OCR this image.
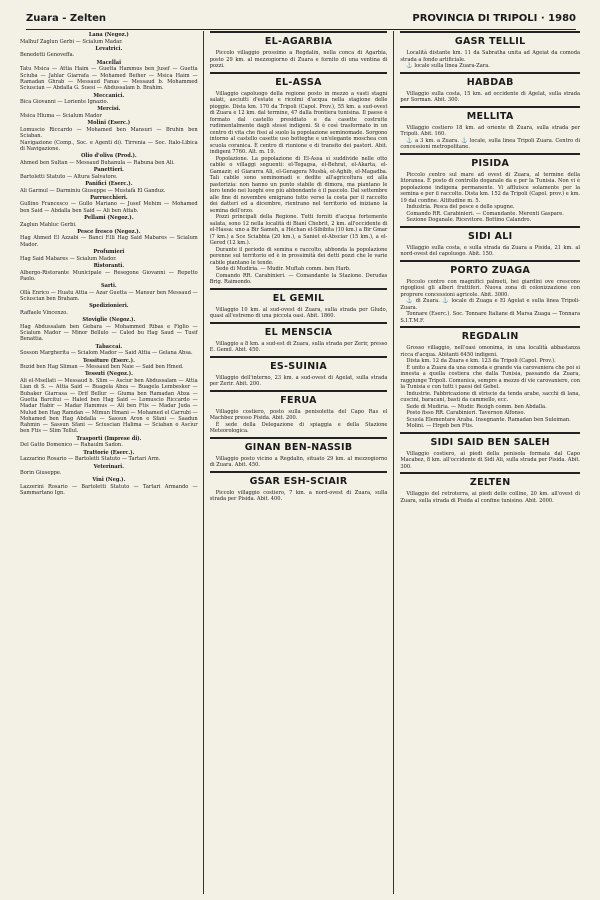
Zuara - Zelten	PROVINCIA DI TRIPOLI · 1980
Lana (Negoz.)

Malhuf Zaglun Gerbi — Scialum Madar.

Levatrici.

Benedetti Genoveffa.

Macellai

Tatu Msica — Attia Haim — Guetta Hammus ben Jusef — Guetta Sciuba — Jahlar Giarrafa — Mohamed Beiher — Msica Haim — Ramadan Ghrab — Messaud Fanas — Messaud b. Mohammed Sciuscian — Abdalla G. Suesi — Abdussalam b. Brahim.

Meccanici.

Bica Giovanni — Loriente Ignazio.

Mercisi.

Msica Hluma — Scialum Mador

Molini (Eserc.)

Lomuscio Riccardo — Mohamed ben Mansuri — Bruhin ben Sciaban.

Navigazione (Comp., Soc. e Agenti di). Tirrenia — Soc. Italo-Libica di Navigazione.

Olio d'oliva (Prod.).

Ahmed ben Sultan — Messaud Buhanula — Rabuna ben Ali.

Panettieri.

Bartoletti Statuto — Altura Salvatore.

Panifici (Eserc.).

Ali Garmul — Darminiu Giuseppe — Mustafà El Ganduz.

Parrucchieri.

Gullino Francesco — Gullo Mariano — Jusef Mehim — Mohamed ben Said — Abdalla ben Said — Ali ben Attab.

Pellami (Negoz.).

Zaglun Mahluc Gerbi.

Pesce fresco (Negoz.).

Hag Ahmed El Azzabi — Banci F.lli Hag Said Mabares — Scialum Mador.

Profumieri

Hag Said Mabares — Scialum Mador.

Ristoranti.

Albergo-Ristorante Municipale — Resegone Giovanni — Repetto Paolo.

Sarti.

Ollà Enrico — Huatu Attia — Azar Guetta — Mansur ben Messaud — Sciuscian ben Braham.

Spedizionieri.

Raffaele Vincenzo.

Stoviglie (Negoz.).

Hag Abdussalam ben Gebara — Mohammed Ribas e Figlio — Scialum Mador — Minor Bellulo — Caled bu Hag Saud — Tusif Benattia.

Tabaccai.

Sosson Margherita — Scialom Mador — Said Attia — Gelana Absa.

Tessiture (Eserc.).

Buzid ben Hag Sliman — Messaud ben Naie — Said ben Hmed.

Tessuti (Negoz.).

Ali el-Msellati — Messaud b. Slim — Ascìur ben Abdussalam — Attia Lian di S. — Attia Said — Buagela Abza — Buagela Lembesker — Bubaker Giarrasa — Drif Bellur — Giuma ben Ramadan Abza — Guetta Barcitui — Haled ben Hag Said — Lomuscio Riccardo — Madar Habir — Madar Hammus — Ali ben Ftis — Madar Juda — Mulud ben Hag Ramdan — Mimun Hmani — Mohamed el Carrubi — Mohamed ben Hag Abdalla — Sassun Aron e Sfani — Saadun Rahmin — Sassun Sfani — Sciuscian Halima — Sciaban o Ascìur ben Ftis — Slim Tellul.

Trasporti (Imprese di).

Del Gatto Domenico — Rahaulm Sadon.

Trattorie (Eserc.).

Lazzarino Rosario — Bartoletti Statuto — Tartari Arm.

Veterinari.

Borin Giuseppe.

Vini (Neg.).

Lazzerini Rosario — Bartoletti Statuto — Tartari Armando — Sammartano Ign.

EL-AGARBIA

Piccolo villaggio prossimo a Regdalin, nella conca di Agarbia, posto 29 km. al mezzogiorno di Zuara e fornito di una ventina di pozzi.

EL-ASSA

Villaggio capoluogo della regione posto in mezzo a vasti stagni salati, asciutti d'estate e ricolmi d'acqua nella stagione delle pioggie. Dista km. 170 da Tripoli (Capol. Prov.), 55 km. a sud-ovest di Zuara e 12 km. dal termine, 47 dalla frontiera tunisina. Il paese è formato dal castello presidiato e da casette costruite rudimentalmente dagli stessi indigeni. Si è così trasformato in un centro di vita che fissi al suolo la popolazione seminomade. Sorgono intorno al castello casette uso botteghe e un'elegante moschea con scuola coranica. È centro di riunione e di transito dei pastori. Abit. indigeni 7760. Alt. m. 19.

Popolazione. La popolazione di El-Assa si suddivide nelle otto cabile o villaggi seguenti: el-Tegagsa, el-Behrat, el-Akarta, el-Gamazir, el Giararra Ali, el-Geragera Musbà, el-Aghib, el-Magadba. Tali cabile sono seminomadi e dedite all'agricoltura ed alla pastorizia: non hanno un punto stabile di dimora, ma piantano le loro tende nei luoghi ove più abbondante è il pascolo. Dal settembre alle fine di novembre emigrano tutte verso la costa per il raccolto dei datteri ed a dicembre, rientrano nel territorio ed iniziano la semina dell'orzo.

Pozzi principali della Regione. Tutti forniti d'acqua fortemente salata, sono 12 nella località di Bianì Chebrit, 2 km. all'occidente di el-Hassa: uno a Bir Sameh, a Héchan el-Sibibita (10 km.) a Bir Gmar (7 km.) a Sce Sciabbia (20 km.), a Saniet el-Absciar (15 km.), a el-Gered (12 km.).

Durante il periodo di semina e raccolto, abbonda la popolazione perenne sul territorio ed è in prossimità dei detti pozzi che le varie cabile piantano le tende.

Sede di Mudiria. — Mudir. Muftah comm. ben Harb.

Comando RR. Carabinieri. — Comandante la Stazione. Derudas Brig. Raimondo.

EL GEMIL

Villaggio 10 km. al sud-ovest di Zuara, sulla strada per Gludo, quasi all'estremo di una piccola oasi. Abit. 1860.

EL MENSCIA

Villaggio a 8 km. a sud-est di Zuara, sulla strada per Zerir, presso E. Gemil. Abit. 450.

ES-SUINIA

Villaggio dell'interno, 23 km. a sud-ovest di Agelat, sulla strada per Zerir. Abit. 200.

FERUA

Villaggio costiero, posto sulla penisoletta del Capo Ras el Machbez presso Pisida. Abit. 200.

È sede della Delegazione di spiaggia e della Stazione Meteorologica.

GINAN BEN-NASSIB

Villaggio posto vicino a Regdalin, situato 29 km. al mezzogiorno di Zuara. Abit. 450.

GSAR ESH-SCIAIR

Piccolo villaggio costiero, 7 km. a nord-ovest di Zuara, sulla strada per Pisida. Abit. 400.

GASR TELLIL

Località distante km. 11 da Sabratha unita ad Ageiat da comoda strada a fondo artificiale.

⚓ locale sulla linea Zuara-Zara.

HABDAB

Villaggio sulla costa, 15 km. ad occidente di Agelat, sulla strada per Sorman. Abit. 300.

MELLITA

Villaggio costiero 18 km. ad oriente di Zuara, sulla strada per Tripoli. Abit. 160.

⚓ a 3 km. a Zuara. ⚓ locale, sulla linea Tripoli Zuara. Centro di concessioni metropolitane.

PISIDA

Piccolo centro sul mare ad ovest di Zuara, al termine della litoranea. È posto di controllo doganale da e per la Tunisia. Non vi è popolazione indigena permanente. Vi affluisce solamente per la semina e per il raccolto. Dista km. 152 da Tripoli (Capol. prov.) e km. 19 dal confine. Altitudine m. 5.

Industria. Pesca del pesce e delle spugne.

Comando RR. Carabinieri. — Comandante. Merenti Gaspare.

Sezione Doganale. Ricevitore. Bottino Calandro.

SIDI ALI

Villaggio sulla costa, e sulla strada da Zuara a Pisida, 21 km. al nord-ovest del capoluogo. Abit. 150.

PORTO ZUAGA

Piccolo centro con magnifici palmeti, bei giardini ove crescono rigogliosi gli alberi fruttiferi. Nuova zona di colonizzazione con proprere concessioni agricole. Abit. 3000.

⚓ di Zuara. ⚓ locale di Zuaga e El Agelat e sulla linea Tripoli-Zuara.

Tonnare (Eserc.). Soc. Tonnare Italiane di Marsa Zuaga — Tonnara S.I.T.M.F.

REGDALIN

Grosso villaggio, nell'oasi omonima, in una località abbastanza ricca d'acqua. Abitanti 6450 indigeni.

Dista km. 12 da Zuara e km. 123 da Tripoli (Capol. Prov.).

È unito a Zuara da una comoda e grande via carovaniera che poi si innesta a quella costiera che dalla Tunisia, passando da Zuara, raggiunge Tripoli. Comunica, sempre a mezzo di vie carovaniere, con la Tunisia e con tutti i paesi del Gebel.

Industrie. Fabbricazione di striscie da tenda arabe, sacchi di lana, cuscini, baracani, basti da cammello, ecc.

Sede di Mudiria. — Mudir. Rezigh comm. ben Abdalla.

Posto fisso RR. Carabinieri. Tavernon Alfonso.

Scuola Elementare Araba. Insegnante. Ramadan ben Suleiman.

Molini. — Hrgeb ben Ftis.

SIDI SAID BEN SALEH

Villaggio costiero, ai piedi della penisola formata dal Capo Macabez, 8 km. all'occidente di Sidi Ali, sulla strada per Pisida. Abit. 300.

ZELTEN

Villaggio del retroterra, ai piedi delle colline, 20 km. all'ovest di Zuara, sulla strada di Pisida al confine tunisino. Abit. 2000.
